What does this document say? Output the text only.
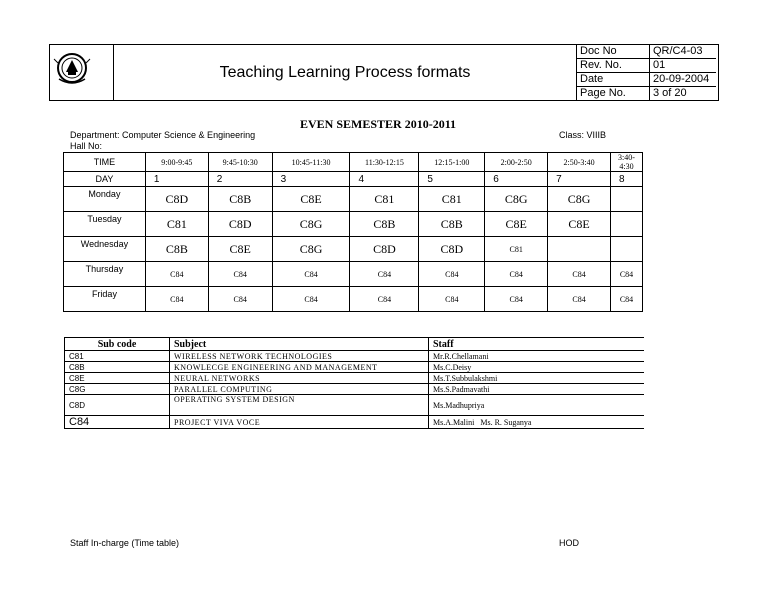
Teaching Learning Process formats
Doc No	QR/C4-03
Rev. No.	01
Date	20-09-2004
Page No.	3 of 20
EVEN SEMESTER 2010-2011
Department: Computer Science & Engineering	Class: VIIIB
Hall No:
TIME	9:00-9:45	9:45-10:30	10:45-11:30	11:30-12:15	12:15-1:00	2:00-2:50	2:50-3:40	3:40-4:30
DAY	1	2	3	4	5	6	7	8
Monday	C8D	C8B	C8E	C81	C81	C8G	C8G	
Tuesday	C81	C8D	C8G	C8B	C8B	C8E	C8E	
Wednesday	C8B	C8E	C8G	C8D	C8D	C81		
Thursday	C84	C84	C84	C84	C84	C84	C84	C84
Friday	C84	C84	C84	C84	C84	C84	C84	C84
Sub code	Subject	Staff
C81	WIRELESS NETWORK TECHNOLOGIES	Mr.R.Chellamani
C8B	KNOWLECGE ENGINEERING AND MANAGEMENT	Ms.C.Deisy
C8E	NEURAL NETWORKS	Ms.T.Subbulakshmi
C8G	PARALLEL COMPUTING	Ms.S.Padmavathi
C8D	OPERATING SYSTEM DESIGN	Ms.Madhupriya
C84	PROJECT VIVA VOCE	Ms.A.Malini   Ms. R. Suganya
Staff In-charge (Time table)	HOD
